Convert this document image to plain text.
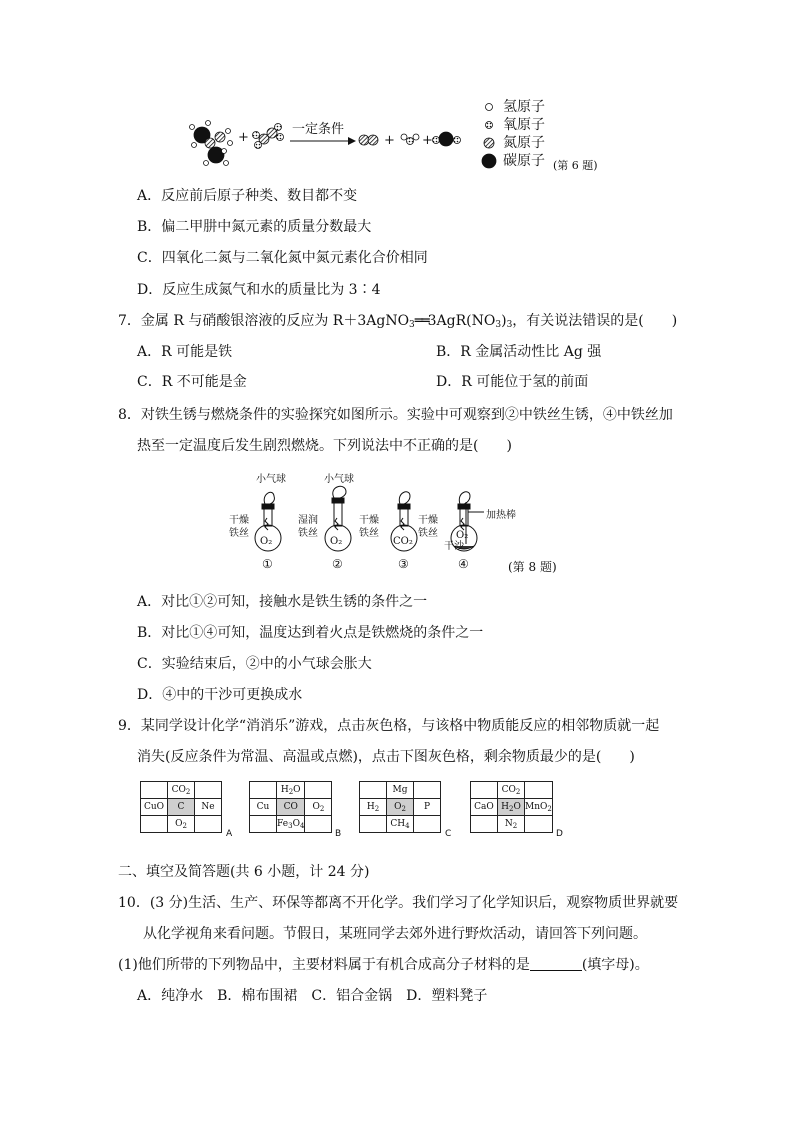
+
一定条件
+ +
氢原子
氧原子
氮原子
碳原子 (第 6 题)
A．反应前后原子种类、数目都不变
B．偏二甲肼中氮元素的质量分数最大
C．四氧化二氮与二氧化氮中氮元素化合价相同
D．反应生成氮气和水的质量比为 3∶4
7．金属 R 与硝酸银溶液的反应为 $R+3AgNO_3══3AgR(NO_3)_3$，有关说法错误的是(　　)
A．R 可能是铁	B．R 金属活动性比 Ag 强
C．R 不可能是金	D．R 可能位于氢的前面
8．对铁生锈与燃烧条件的实验探究如图所示。实验中可观察到②中铁丝生锈，④中铁丝加
热至一定温度后发生剧烈燃烧。下列说法中不正确的是(　　)
小气球	小气球
干燥铁丝
湿润铁丝
干燥铁丝
干燥铁丝
加热棒
干沙
O₂	O₂	CO₂
O₂
①	②	③	④	(第 8 题)
A．对比①②可知，接触水是铁生锈的条件之一
B．对比①④可知，温度达到着火点是铁燃烧的条件之一
C．实验结束后，②中的小气球会胀大
D．④中的干沙可更换成水
9．某同学设计化学“消消乐”游戏，点击灰色格，与该格中物质能反应的相邻物质就一起
消失(反应条件为常温、高温或点燃)，点击下图灰色格，剩余物质最少的是(　　)
	$CO_2$	
CuO	C	Ne
	$O_2$	
A
	$H_2O$	
Cu	CO	$O_2$
	$Fe_3O_4$	
B
	Mg	
$H_2$	$O_2$	P
	$CH_4$	
C
	$CO_2$	
CaO	$H_2O$	MnO$_2$
	$N_2$	
D
二、填空及简答题(共 6 小题，计 24 分)
10．(3 分)生活、生产、环保等都离不开化学。我们学习了化学知识后，观察物质世界就要
从化学视角来看问题。节假日，某班同学去郊外进行野炊活动，请回答下列问题。
(1)他们所带的下列物品中，主要材料属于有机合成高分子材料的是	(填字母)。
A．纯净水　B．棉布围裙　C．铝合金锅　D．塑料凳子
